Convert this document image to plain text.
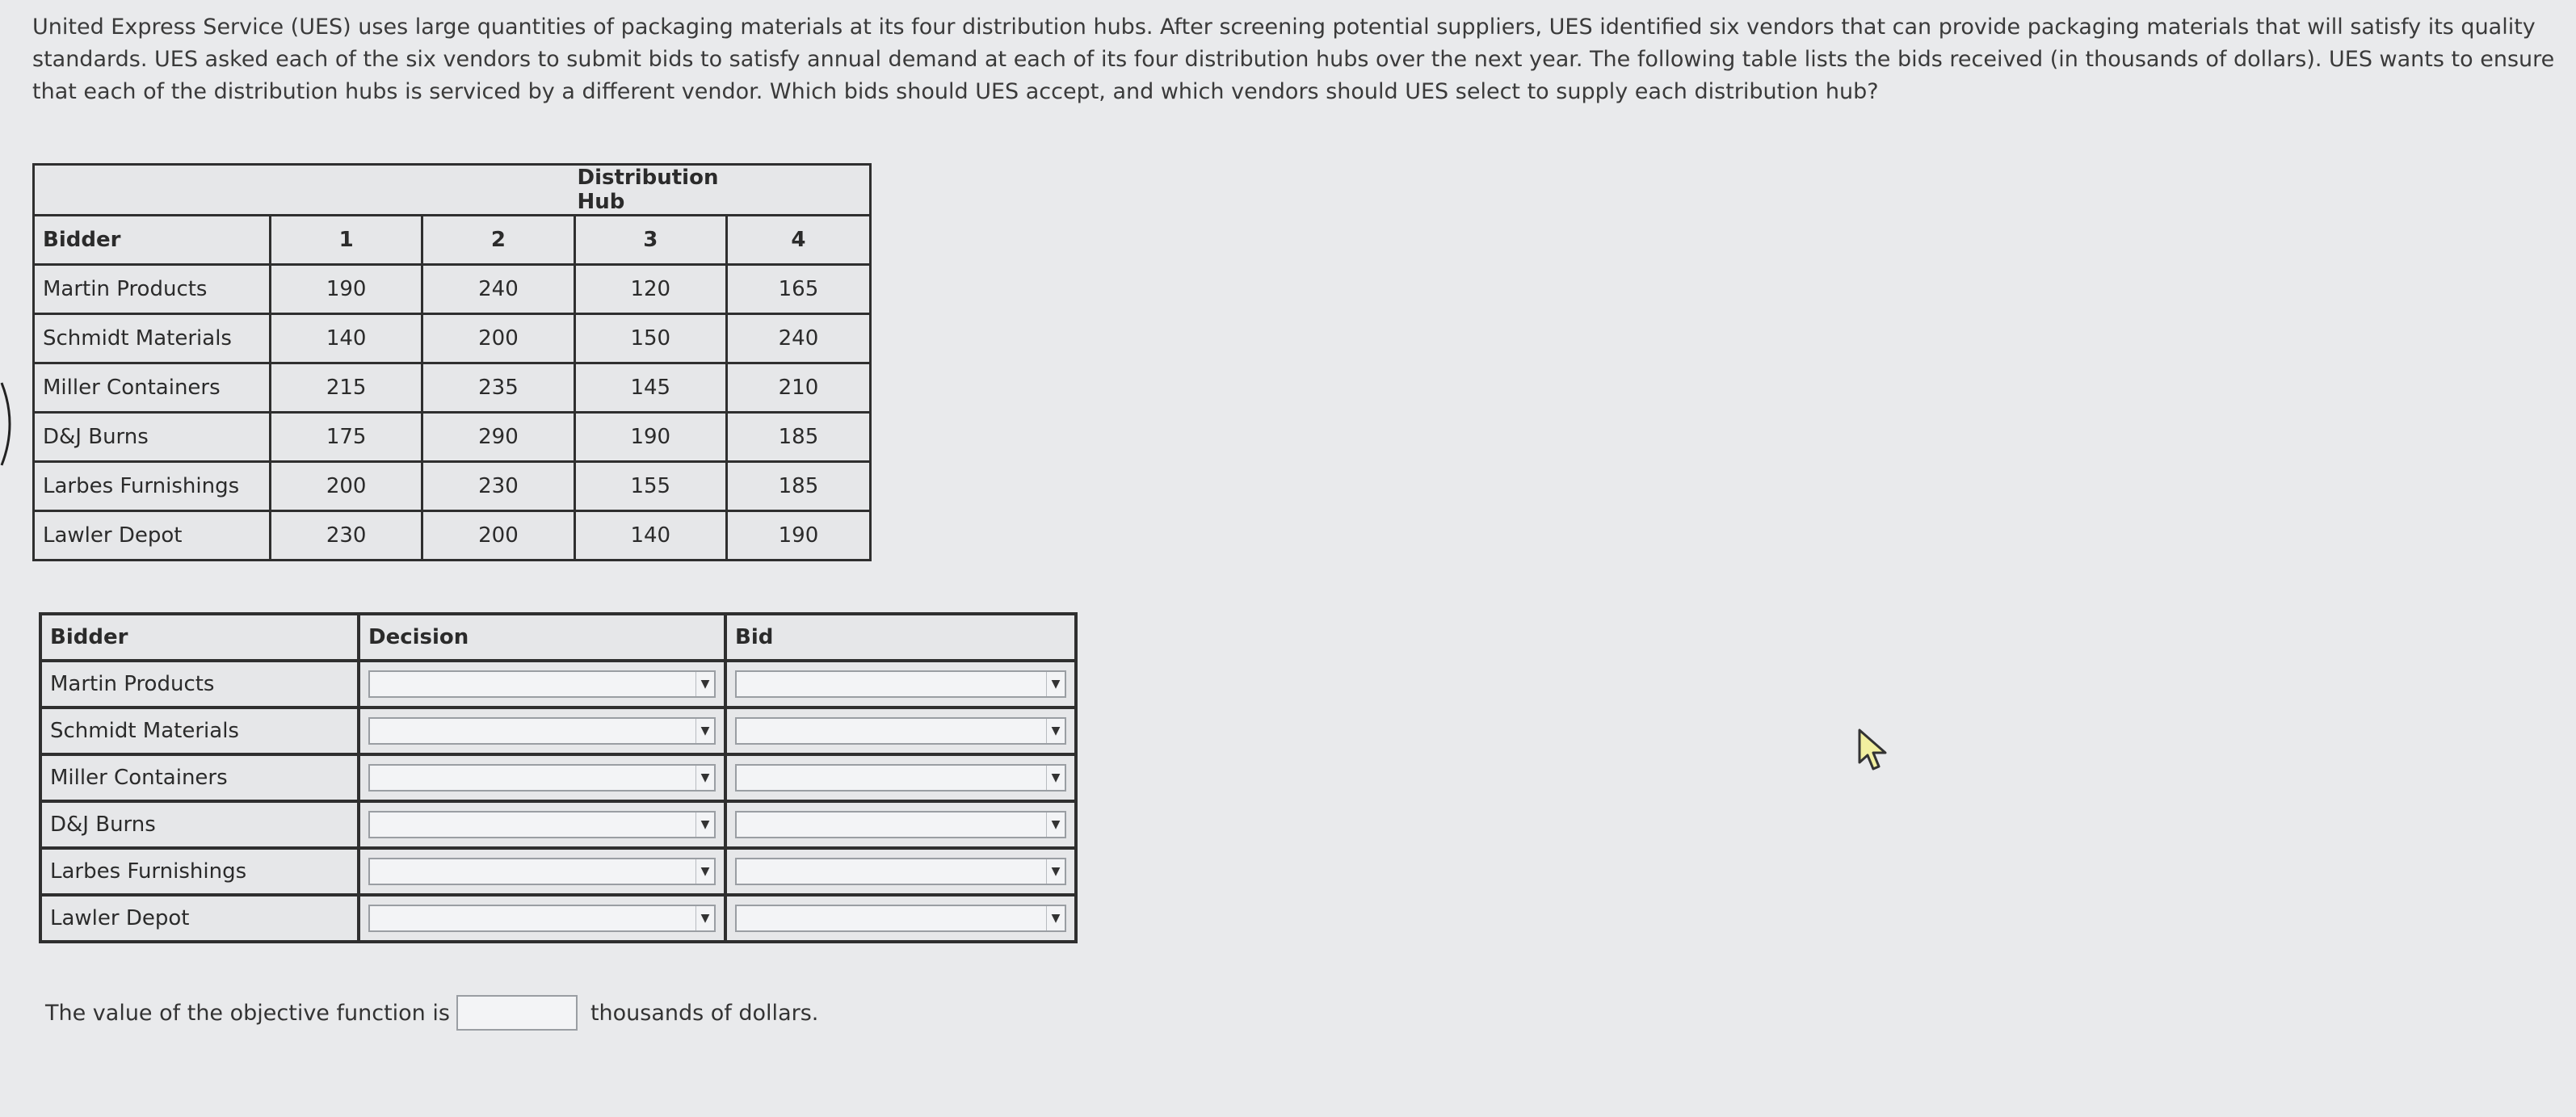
United Express Service (UES) uses large quantities of packaging materials at its four distribution hubs. After screening potential suppliers, UES identified six vendors that can provide packaging materials that will satisfy its quality standards. UES asked each of the six vendors to submit bids to satisfy annual demand at each of its four distribution hubs over the next year. The following table lists the bids received (in thousands of dollars). UES wants to ensure that each of the distribution hubs is serviced by a different vendor. Which bids should UES accept, and which vendors should UES select to supply each distribution hub?
	Distribution Hub			
Bidder	1	2	3	4
Martin Products	190	240	120	165
Schmidt Materials	140	200	150	240
Miller Containers	215	235	145	210
D&J Burns	175	290	190	185
Larbes Furnishings	200	230	155	185
Lawler Depot	230	200	140	190
Bidder	Decision	Bid
Martin Products	▼	▼

Schmidt Materials	▼	▼

Miller Containers	▼	▼

D&J Burns	▼	▼

Larbes Furnishings	▼	▼

Lawler Depot	▼	▼
The value of the objective function is	thousands of dollars.
